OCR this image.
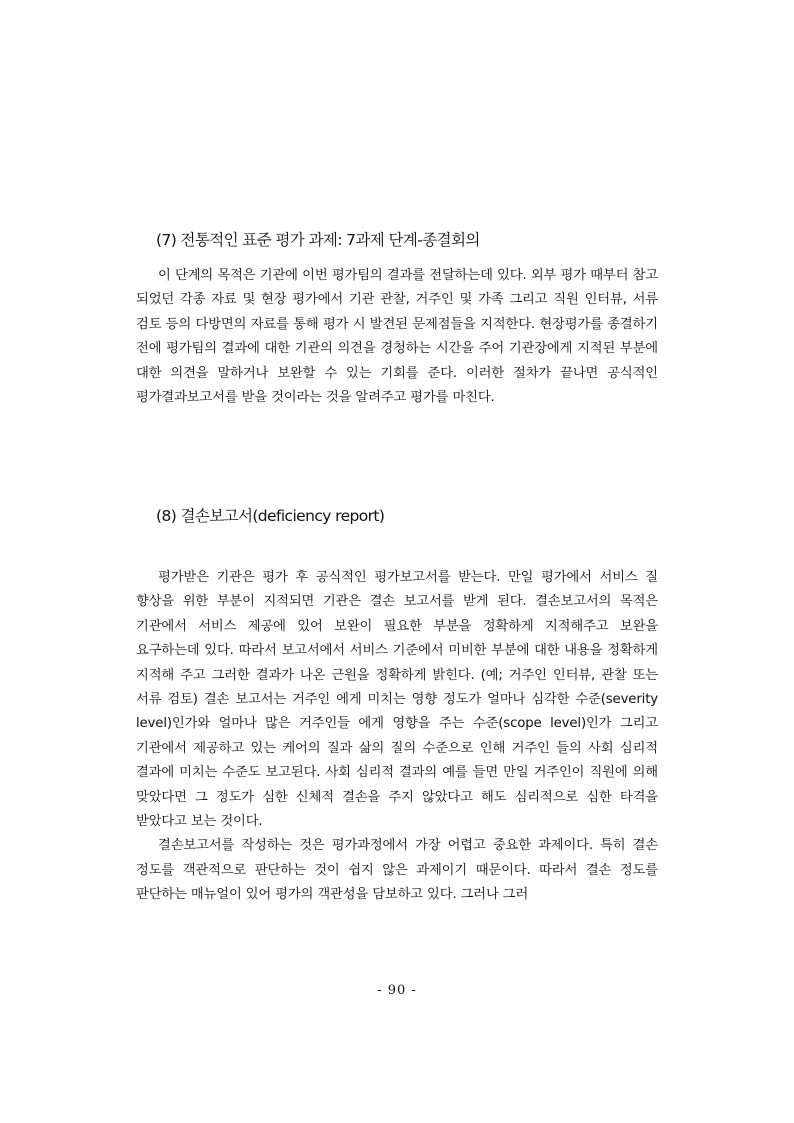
(7) 전통적인 표준 평가 과제: 7과제 단계-종결회의

이 단계의 목적은 기관에 이번 평가팀의 결과를 전달하는데 있다. 외부 평가 때부터 참고 되었던 각종 자료 및 현장 평가에서 기관 관찰, 거주인 및 가족 그리고 직원 인터뷰, 서류 검토 등의 다방면의 자료를 통해 평가 시 발견된 문제점들을 지적한다. 현장평가를 종결하기 전에 평가팀의 결과에 대한 기관의 의견을 경청하는 시간을 주어 기관장에게 지적된 부분에 대한 의견을 말하거나 보완할 수 있는 기회를 준다. 이러한 절차가 끝나면 공식적인 평가결과보고서를 받을 것이라는 것을 알려주고 평가를 마친다.

(8) 결손보고서(deficiency report)

평가받은 기관은 평가 후 공식적인 평가보고서를 받는다. 만일 평가에서 서비스 질 향상을 위한 부분이 지적되면 기관은 결손 보고서를 받게 된다. 결손보고서의 목적은 기관에서 서비스 제공에 있어 보완이 필요한 부분을 정확하게 지적해주고 보완을 요구하는데 있다. 따라서 보고서에서 서비스 기준에서 미비한 부분에 대한 내용을 정확하게 지적해 주고 그러한 결과가 나온 근원을 정확하게 밝힌다. (예; 거주인 인터뷰, 관찰 또는 서류 검토) 결손 보고서는 거주인 에게 미치는 영향 정도가 얼마나 심각한 수준(severity level)인가와 얼마나 많은 거주인들 에게 영향을 주는 수준(scope level)인가 그리고 기관에서 제공하고 있는 케어의 질과 삶의 질의 수준으로 인해 거주인 들의 사회 심리적 결과에 미치는 수준도 보고된다. 사회 심리적 결과의 예를 들면 만일 거주인이 직원에 의해 맞았다면 그 정도가 심한 신체적 결손을 주지 않았다고 해도 심리적으로 심한 타격을 받았다고 보는 것이다.

결손보고서를 작성하는 것은 평가과정에서 가장 어렵고 중요한 과제이다. 특히 결손 정도를 객관적으로 판단하는 것이 쉽지 않은 과제이기 때문이다. 따라서 결손 정도를 판단하는 매뉴얼이 있어 평가의 객관성을 담보하고 있다. 그러나 그러

- 90 -
